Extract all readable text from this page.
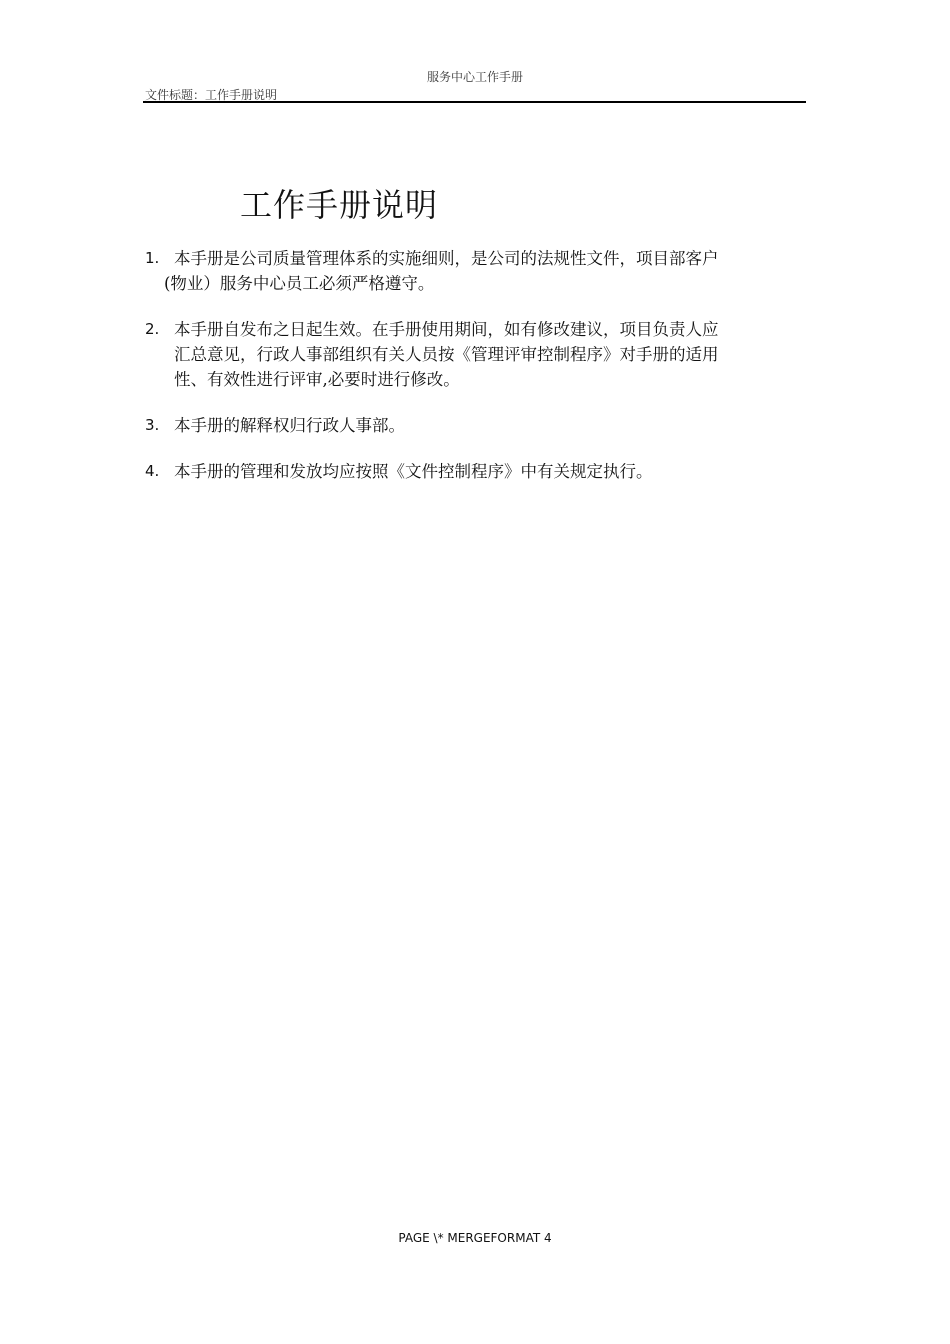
服务中心工作手册
文件标题：工作手册说明
工作手册说明
1. 本手册是公司质量管理体系的实施细则，是公司的法规性文件，项目部客户
(物业）服务中心员工必须严格遵守。
2. 本手册自发布之日起生效。在手册使用期间，如有修改建议，项目负责人应
汇总意见，行政人事部组织有关人员按《管理评审控制程序》对手册的适用
性、有效性进行评审,必要时进行修改。
3. 本手册的解释权归行政人事部。
4. 本手册的管理和发放均应按照《文件控制程序》中有关规定执行。
PAGE \* MERGEFORMAT 4
